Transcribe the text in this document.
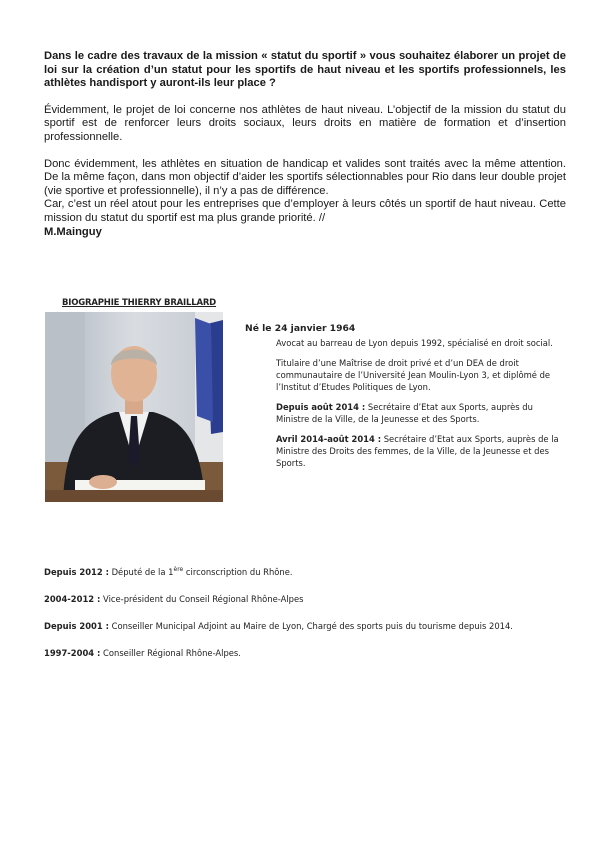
Dans le cadre des travaux de la mission « statut du sportif » vous souhaitez élaborer un projet de loi sur la création d’un statut pour les sportifs de haut niveau et les sportifs professionnels, les athlètes handisport y auront-ils leur place ?

Évidemment, le projet de loi concerne nos athlètes de haut niveau. L’objectif de la mission du statut du sportif est de renforcer leurs droits sociaux, leurs droits en matière de formation et d’insertion professionnelle.

Donc évidemment, les athlètes en situation de handicap et valides sont traités avec la même attention. De la même façon, dans mon objectif d’aider les sportifs sélectionnables pour Rio dans leur double projet (vie sportive et professionnelle), il n’y a pas de différence.
Car, c’est un réel atout pour les entreprises que d’employer à leurs côtés un sportif de haut niveau. Cette mission du statut du sportif est ma plus grande priorité. //

M.Mainguy

BIOGRAPHIE THIERRY BRAILLARD
Né le 24 janvier 1964

Avocat au barreau de Lyon depuis 1992, spécialisé en droit social.

Titulaire d’une Maîtrise de droit privé et d’un DEA de droit communautaire de l’Université Jean Moulin-Lyon 3, et diplômé de l’Institut d’Etudes Politiques de Lyon.

Depuis août 2014 : Secrétaire d’Etat aux Sports, auprès du Ministre de la Ville, de la Jeunesse et des Sports.

Avril 2014-août 2014 : Secrétaire d’Etat aux Sports, auprès de la Ministre des Droits des femmes, de la Ville, de la Jeunesse et des Sports.

Depuis 2012 : Député de la 1ère circonscription du Rhône.

2004-2012 : Vice-président du Conseil Régional Rhône-Alpes

Depuis 2001 : Conseiller Municipal Adjoint au Maire de Lyon, Chargé des sports puis du tourisme depuis 2014.

1997-2004 : Conseiller Régional Rhône-Alpes.
